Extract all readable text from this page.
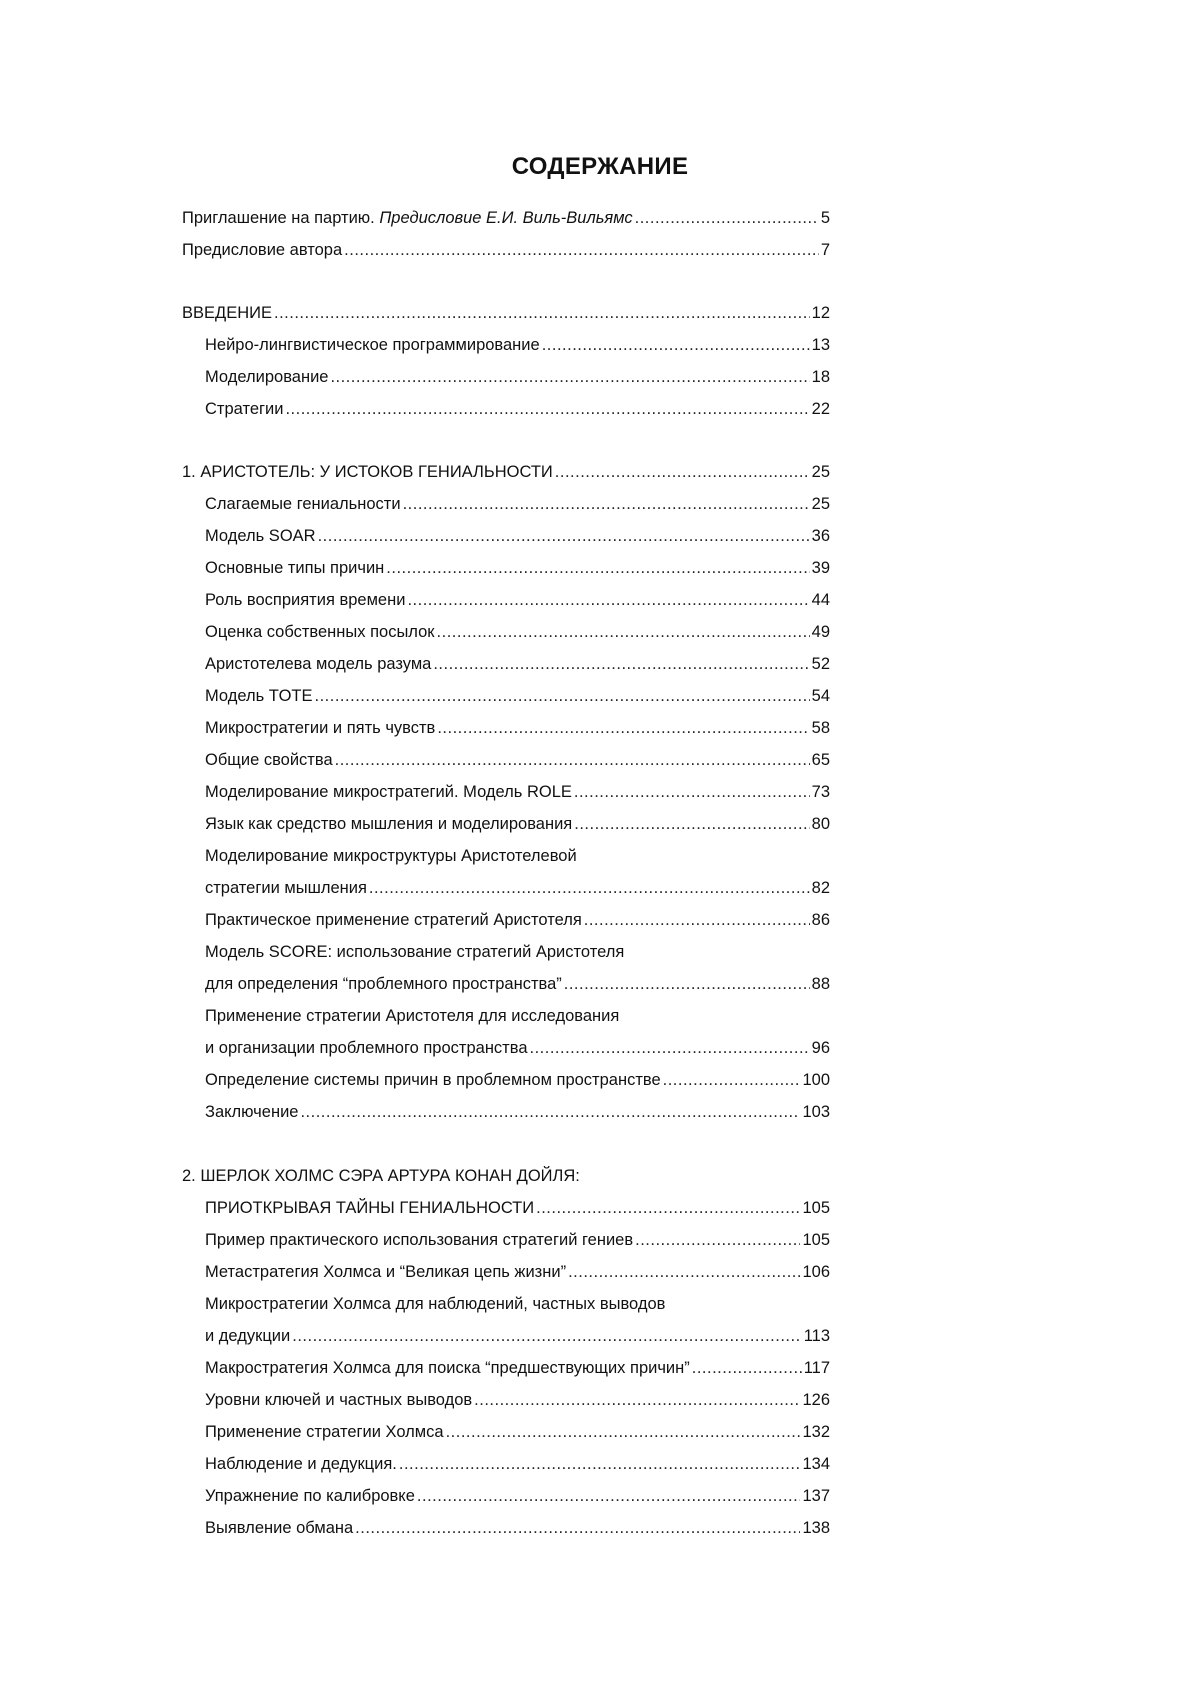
СОДЕРЖАНИЕ
Приглашение на партию. Предисловие Е.И. Виль-Вильямс .....	5
Предисловие автора .....	7
ВВЕДЕНИЕ .....	12
Нейро-лингвистическое программирование .....	13
Моделирование .....	18
Стратегии .....	22
1. АРИСТОТЕЛЬ: У ИСТОКОВ ГЕНИАЛЬНОСТИ .....	25
Слагаемые гениальности .....	25
Модель SOAR .....	36
Основные типы причин .....	39
Роль восприятия времени .....	44
Оценка собственных посылок .....	49
Аристотелева модель разума .....	52
Модель TOTE .....	54
Микростратегии и пять чувств .....	58
Общие свойства .....	65
Моделирование микростратегий. Модель ROLE .....	73
Язык как средство мышления и моделирования .....	80
Моделирование микроструктуры Аристотелевой
стратегии мышления .....	82
Практическое применение стратегий Аристотеля .....	86
Модель SCORE: использование стратегий Аристотеля
для определения “проблемного пространства” .....	88
Применение стратегии Аристотеля для исследования
и организации проблемного пространства .....	96
Определение системы причин в проблемном пространстве .....	100
Заключение .....	103
2. ШЕРЛОК ХОЛМС СЭРА АРТУРА КОНАН ДОЙЛЯ:
ПРИОТКРЫВАЯ ТАЙНЫ ГЕНИАЛЬНОСТИ .....	105
Пример практического использования стратегий гениев .....	105
Метастратегия Холмса и “Великая цепь жизни” .....	106
Микростратегии Холмса для наблюдений, частных выводов
и дедукции .....	113
Макростратегия Холмса для поиска “предшествующих причин” .....	117
Уровни ключей и частных выводов .....	126
Применение стратегии Холмса .....	132
Наблюдение и дедукция. .....	134
Упражнение по калибровке .....	137
Выявление обмана .....	138
